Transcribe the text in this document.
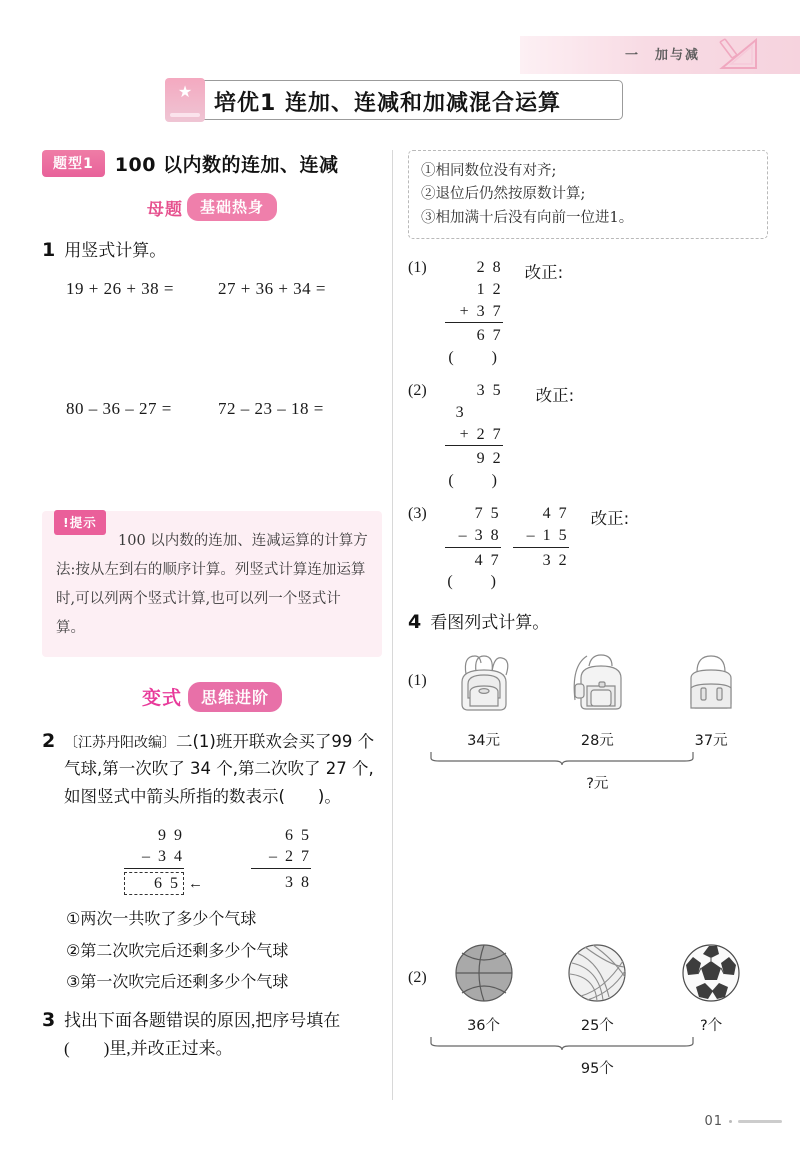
一　加与减
★ 培优1 连加、连减和加减混合运算
题型1	100 以内数的连加、连减
母题	基础热身
1 用竖式计算。
19 + 26 + 38 =	27 + 36 + 34 =
80 – 36 – 27 =	72 – 23 – 18 =
!提示
100 以内数的连加、连减运算的计算方法:按从左到右的顺序计算。列竖式计算连加运算时,可以列两个竖式计算,也可以列一个竖式计算。
变式	思维进阶
2 〔江苏丹阳改编〕二(1)班开联欢会买了99 个气球,第一次吹了 34 个,第二次吹了 27 个,如图竖式中箭头所指的数表示(　　)。
9 9
– 3 4
6 5 ←
6 5
– 2 7
3 8
①两次一共吹了多少个气球
②第二次吹完后还剩多少个气球
③第一次吹完后还剩多少个气球
3 找出下面各题错误的原因,把序号填在(　　)里,并改正过来。
①相同数位没有对齐;
②退位后仍然按原数计算;
③相加满十后没有向前一位进1。
(1)	2 8
1 2
+ 3 7
6 7
(　　)
改正:
(2)	3 5
3
+ 2 7
9 2
(　　)
改正:
(3)	7 5
– 3 8
4 7
(　　)
4 7
– 1 5
3 2
改正:
4 看图列式计算。
(1)
34元	28元	37元
?元
(2)
36个	25个	?个
95个
01
